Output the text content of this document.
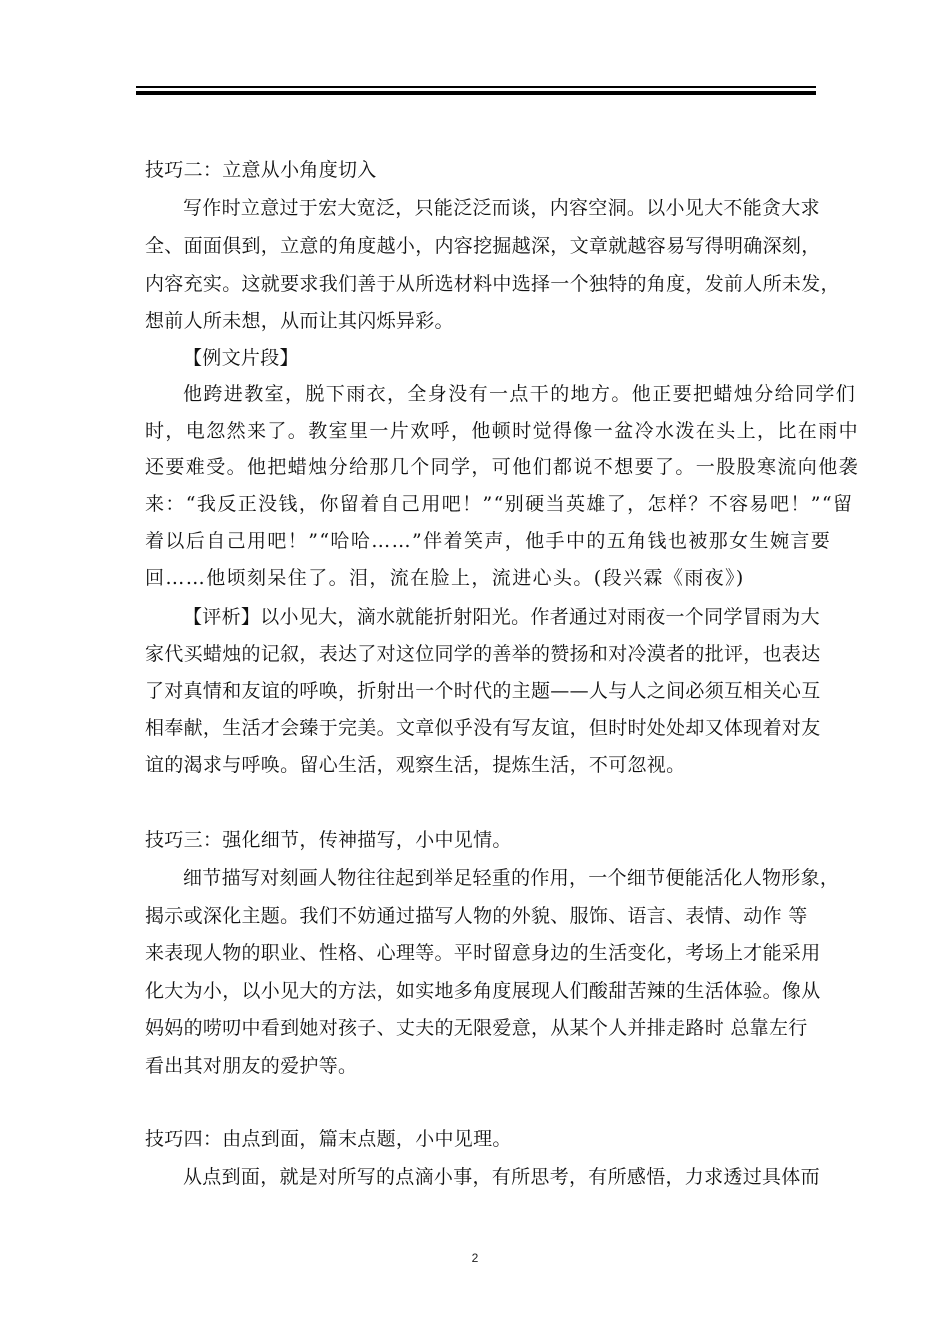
技巧二：立意从小角度切入
写作时立意过于宏大宽泛，只能泛泛而谈，内容空洞。以小见大不能贪大求
全、面面俱到，立意的角度越小，内容挖掘越深，文章就越容易写得明确深刻，
内容充实。这就要求我们善于从所选材料中选择一个独特的角度，发前人所未发，
想前人所未想，从而让其闪烁异彩。
【例文片段】
他跨进教室，脱下雨衣，全身没有一点干的地方。他正要把蜡烛分给同学们
时，电忽然来了。教室里一片欢呼，他顿时觉得像一盆冷水泼在头上，比在雨中
还要难受。他把蜡烛分给那几个同学，可他们都说不想要了。一股股寒流向他袭
来：“我反正没钱，你留着自己用吧！”“别硬当英雄了，怎样？不容易吧！”“留
着以后自己用吧！”“哈哈……”伴着笑声，他手中的五角钱也被那女生婉言要
回……他顷刻呆住了。泪，流在脸上，流进心头。(段兴霖《雨夜》)
【评析】以小见大，滴水就能折射阳光。作者通过对雨夜一个同学冒雨为大
家代买蜡烛的记叙，表达了对这位同学的善举的赞扬和对冷漠者的批评，也表达
了对真情和友谊的呼唤，折射出一个时代的主题——人与人之间必须互相关心互
相奉献，生活才会臻于完美。文章似乎没有写友谊，但时时处处却又体现着对友
谊的渴求与呼唤。留心生活，观察生活，提炼生活，不可忽视。
技巧三：强化细节，传神描写，小中见情。
细节描写对刻画人物往往起到举足轻重的作用，一个细节便能活化人物形象，
揭示或深化主题。我们不妨通过描写人物的外貌、服饰、语言、表情、动作 等
来表现人物的职业、性格、心理等。平时留意身边的生活变化，考场上才能采用
化大为小，以小见大的方法，如实地多角度展现人们酸甜苦辣的生活体验。像从
妈妈的唠叨中看到她对孩子、丈夫的无限爱意，从某个人并排走路时 总靠左行
看出其对朋友的爱护等。
技巧四：由点到面，篇末点题，小中见理。
从点到面，就是对所写的点滴小事，有所思考，有所感悟，力求透过具体而
2
